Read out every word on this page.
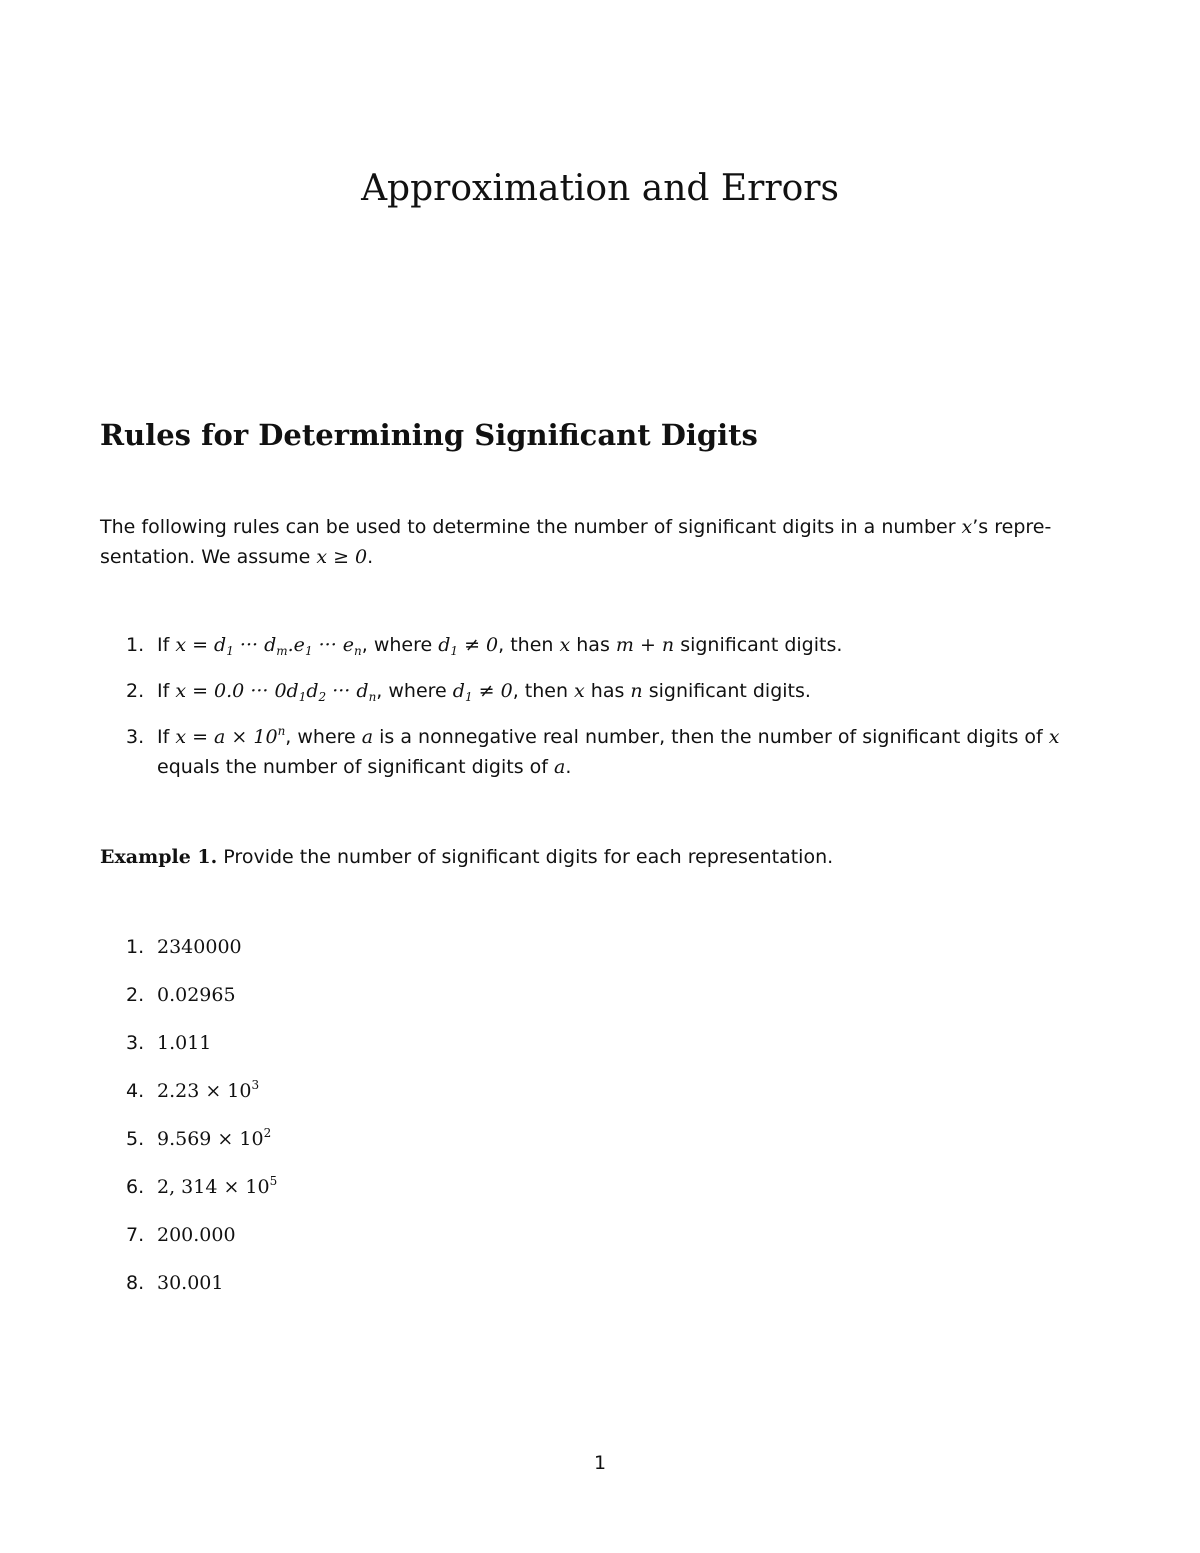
Approximation and Errors
Rules for Determining Significant Digits

The following rules can be used to determine the number of significant digits in a number x’s repre-sentation. We assume x ≥ 0.

1. If $x = d_1$ ··· $d_m.e_1$ ··· $e_n$, where $d_1 \ne 0$, then x has m + n significant digits.
2. If x = 0.0 ··· $0d_1d_2$ ··· $d_n$, where $d_1 \ne 0$, then x has n significant digits.
3. If $x = a \times 10^n$, where a is a nonnegative real number, then the number of significant digits of x equals the number of significant digits of a.

Example 1. Provide the number of significant digits for each representation.

1. 2340000
2. 0.02965
3. 1.011
4. $2.23 \times 10^3$
5. $9.569 \times 10^2$
6. 2, $314 \times 10^5$
7. 200.000
8. 30.001
1
